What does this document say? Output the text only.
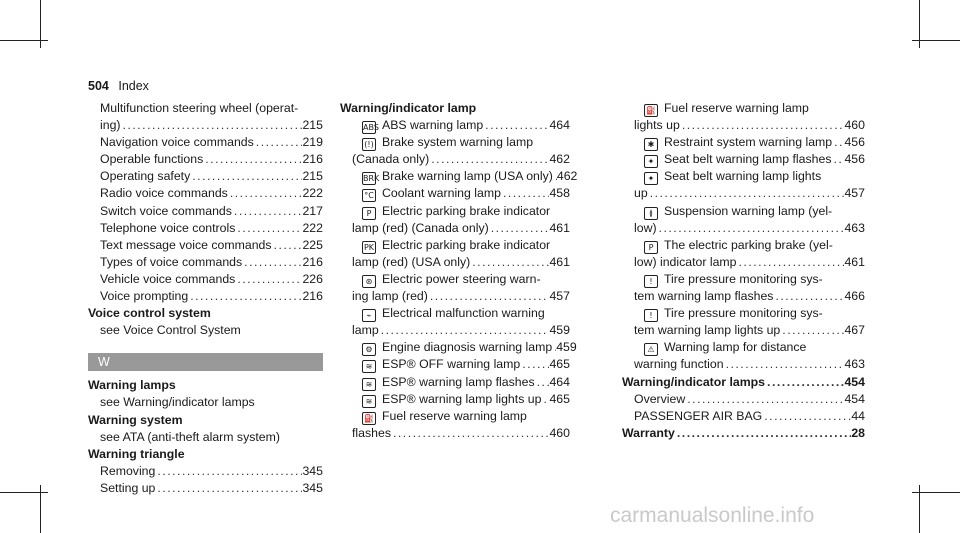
504 Index
Multifunction steering wheel (operat-
ing) .....	215
Navigation voice commands .....	219
Operable functions .....	216
Operating safety .....	215
Radio voice commands .....	222
Switch voice commands .....	217
Telephone voice controls .....	222
Text message voice commands .....	225
Types of voice commands .....	216
Vehicle voice commands .....	226
Voice prompting .....	216
Voice control system
see Voice Control System
W
Warning lamps
see Warning/indicator lamps
Warning system
see ATA (anti-theft alarm system)
Warning triangle
Removing .....	345
Setting up .....	345
Warning/indicator lamp
ABS ABS warning lamp .....	464
(!) Brake system warning lamp
(Canada only) .....	462
BRK Brake warning lamp (USA only) ..... 462
°C Coolant warning lamp .....	458
P Electric parking brake indicator
lamp (red) (Canada only) .....	461
PK Electric parking brake indicator
lamp (red) (USA only) .....	461
⊛ Electric power steering warn-
ing lamp (red) .....	457
⌁ Electrical malfunction warning
lamp .....	459
⚙ Engine diagnosis warning lamp ..... 459
≋ ESP® OFF warning lamp ..... 465
≋ ESP® warning lamp flashes ..... 464
≋ ESP® warning lamp lights up ..... 465
⛽ Fuel reserve warning lamp
flashes .....	460
⛽ Fuel reserve warning lamp
lights up .....	460
✱ Restraint system warning lamp ..... 456
✦ Seat belt warning lamp flashes ..... 456
✦ Seat belt warning lamp lights
up .....	457
≬ Suspension warning lamp (yel-
low) .....	463
P The electric parking brake (yel-
low) indicator lamp .....	461
! Tire pressure monitoring sys-
tem warning lamp flashes .....	466
! Tire pressure monitoring sys-
tem warning lamp lights up .....	467
⚠ Warning lamp for distance
warning function .....	463
Warning/indicator lamps .....	454
Overview .....	454
PASSENGER AIR BAG .....	44
Warranty .....	28
carmanualsonline.info
